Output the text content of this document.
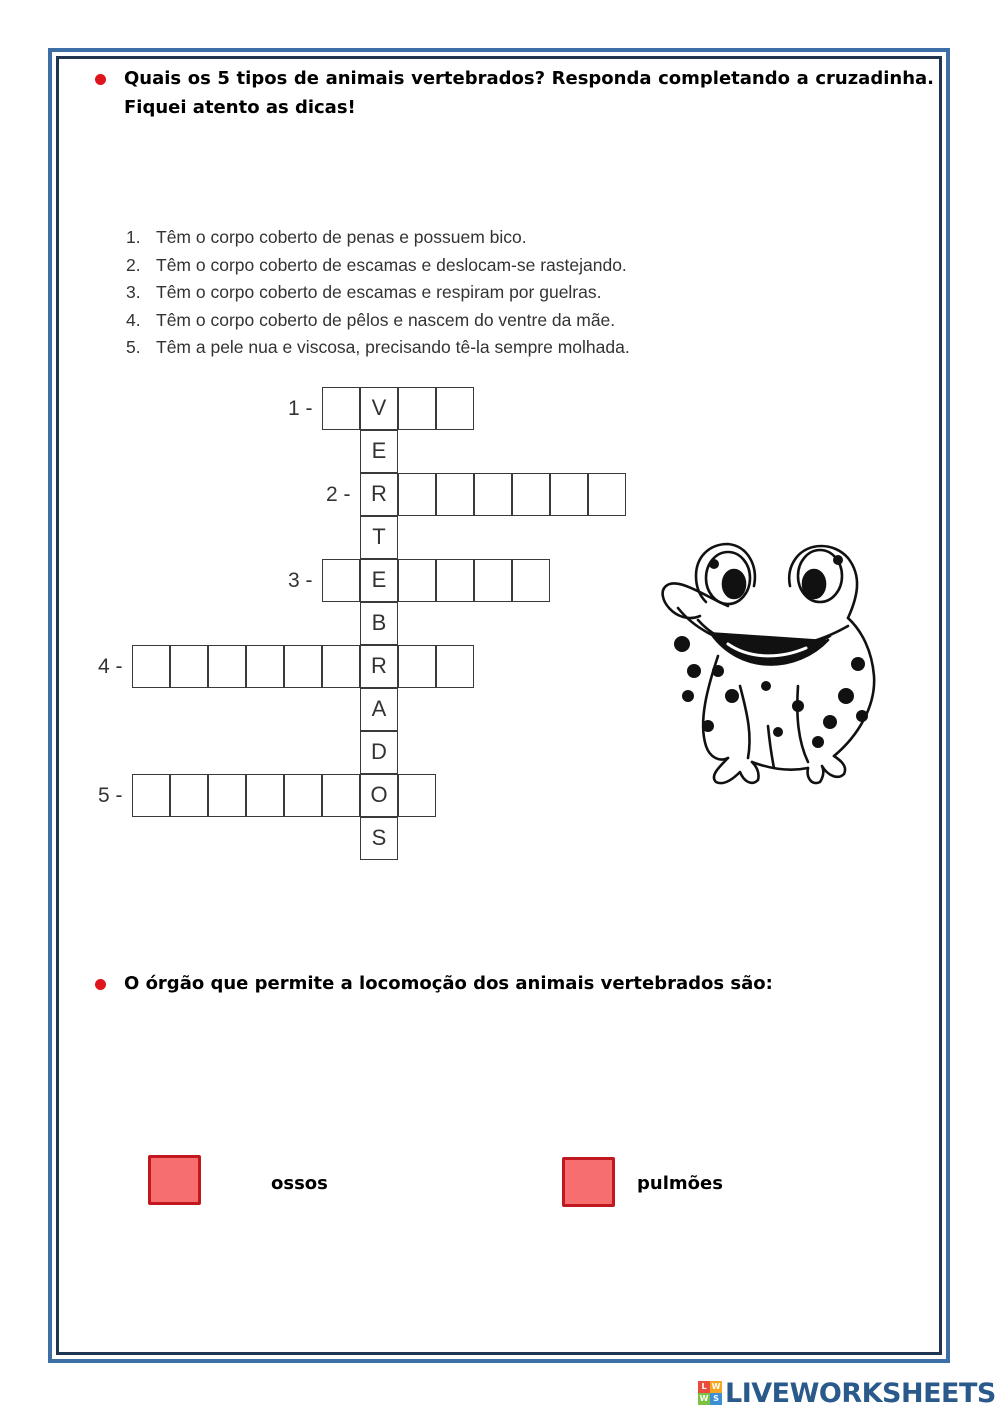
Quais os 5 tipos de animais vertebrados? Responda completando a cruzadinha. Fiquei atento as dicas!
1. Têm o corpo coberto de penas e possuem bico.
2. Têm o corpo coberto de escamas e deslocam-se rastejando.
3. Têm o corpo coberto de escamas e respiram por guelras.
4. Têm o corpo coberto de pêlos e nascem do ventre da mãe.
5. Têm a pele nua e viscosa, precisando tê-la sempre molhada.
V
E
R
T
E
B
R
A
D
O
S
1 -
2 -
3 -
4 -
5 -
O órgão que permite a locomoção dos animais vertebrados são:
ossos	pulmões
L W
W S LIVEWORKSHEETS
